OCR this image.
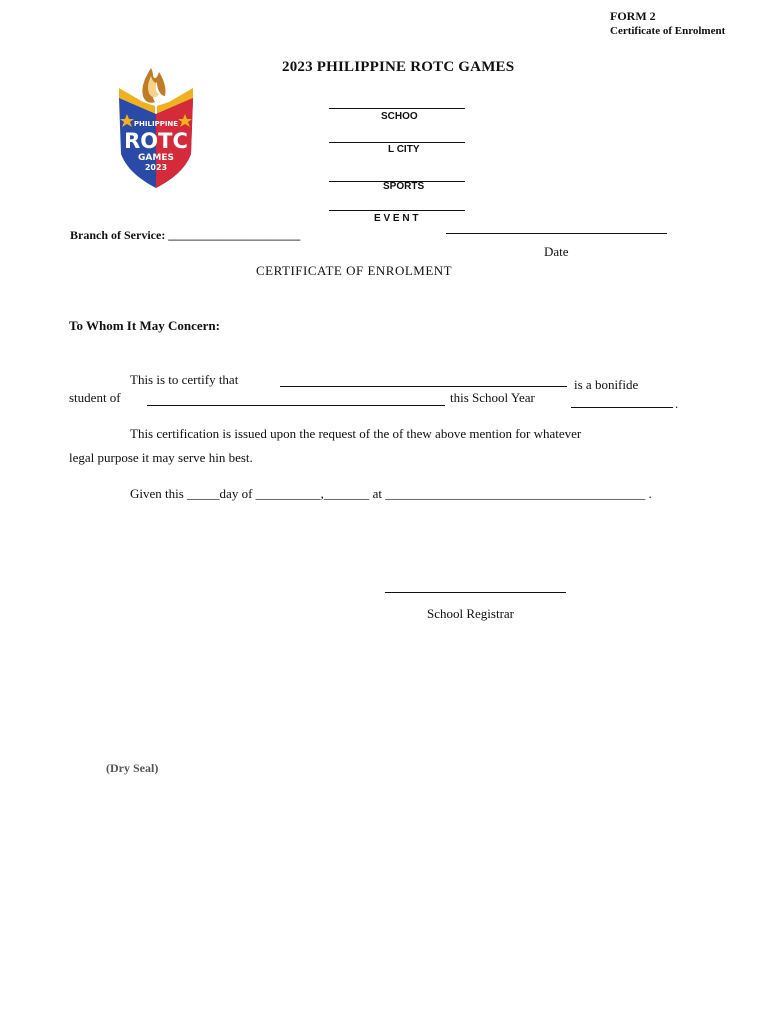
FORM 2
Certificate of Enrolment
2023 PHILIPPINE ROTC GAMES
PHILIPPINE
ROTC
GAMES
2023
SCHOO
L CITY
SPORTS
E V E N T
Branch of Service: ______________________
Date
CERTIFICATE OF ENROLMENT
To Whom It May Concern:
This is to certify that	is a bonifide
student of	this School Year	.
This certification is issued upon the request of the of thew above mention for whatever
legal purpose it may serve hin best.
Given this _____day of __________,_______ at ________________________________________ .
School Registrar
(Dry Seal)
